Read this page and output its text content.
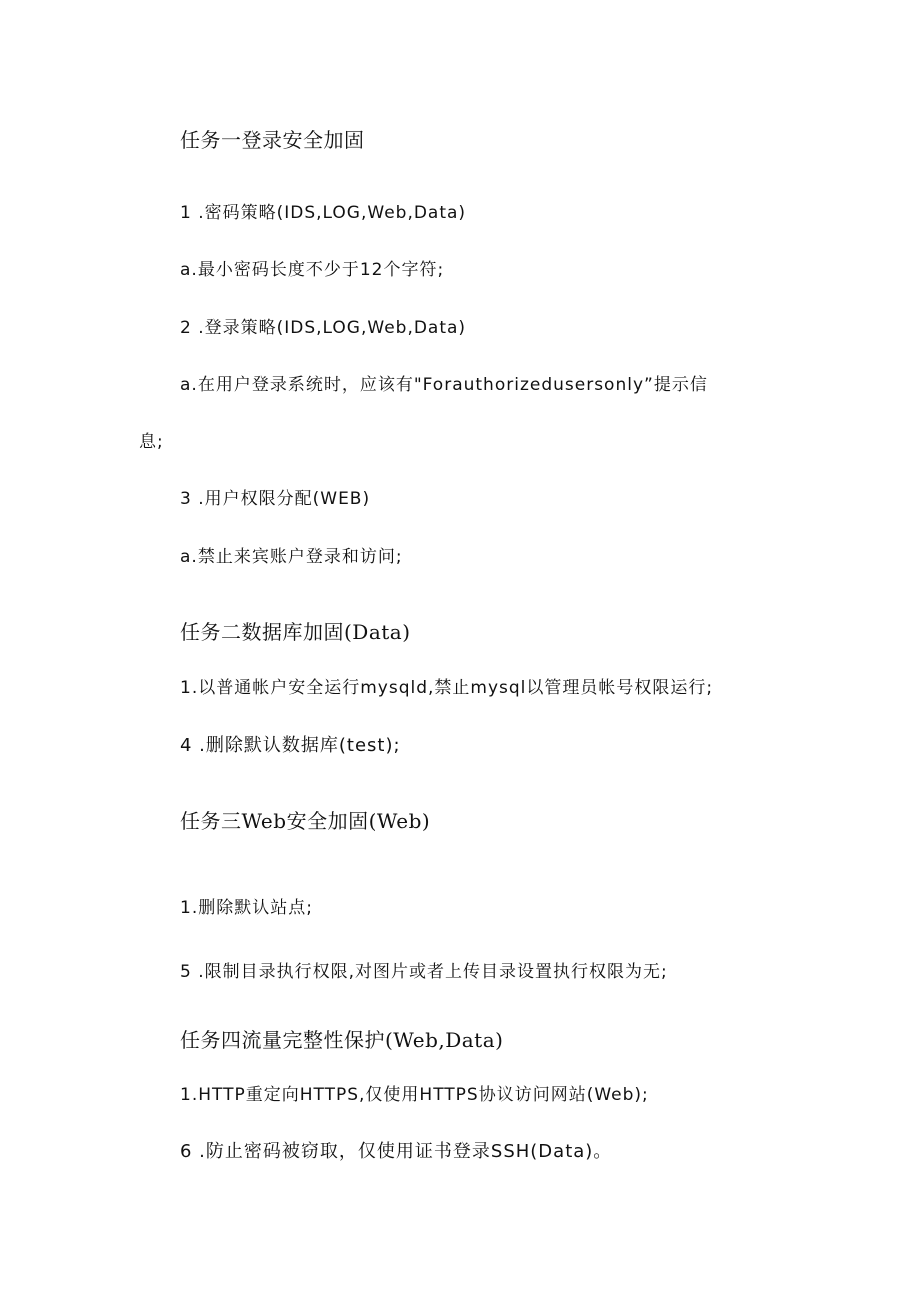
任务一登录安全加固
1 .密码策略(IDS,LOG,Web,Data)
a.最小密码长度不少于12个字符;
2 .登录策略(IDS,LOG,Web,Data)
a.在用户登录系统时，应该有"Forauthorizedusersonly”提示信
息;
3 .用户权限分配(WEB)
a.禁止来宾账户登录和访问;
任务二数据库加固(Data)
1.以普通帐户安全运行mysqld,禁止mysql以管理员帐号权限运行;
4 .删除默认数据库(test);
任务三Web安全加固(Web)
1.删除默认站点;
5 .限制目录执行权限,对图片或者上传目录设置执行权限为无;
任务四流量完整性保护(Web,Data)
1.HTTP重定向HTTPS,仅使用HTTPS协议访问网站(Web);
6 .防止密码被窃取，仅使用证书登录SSH(Data)。
